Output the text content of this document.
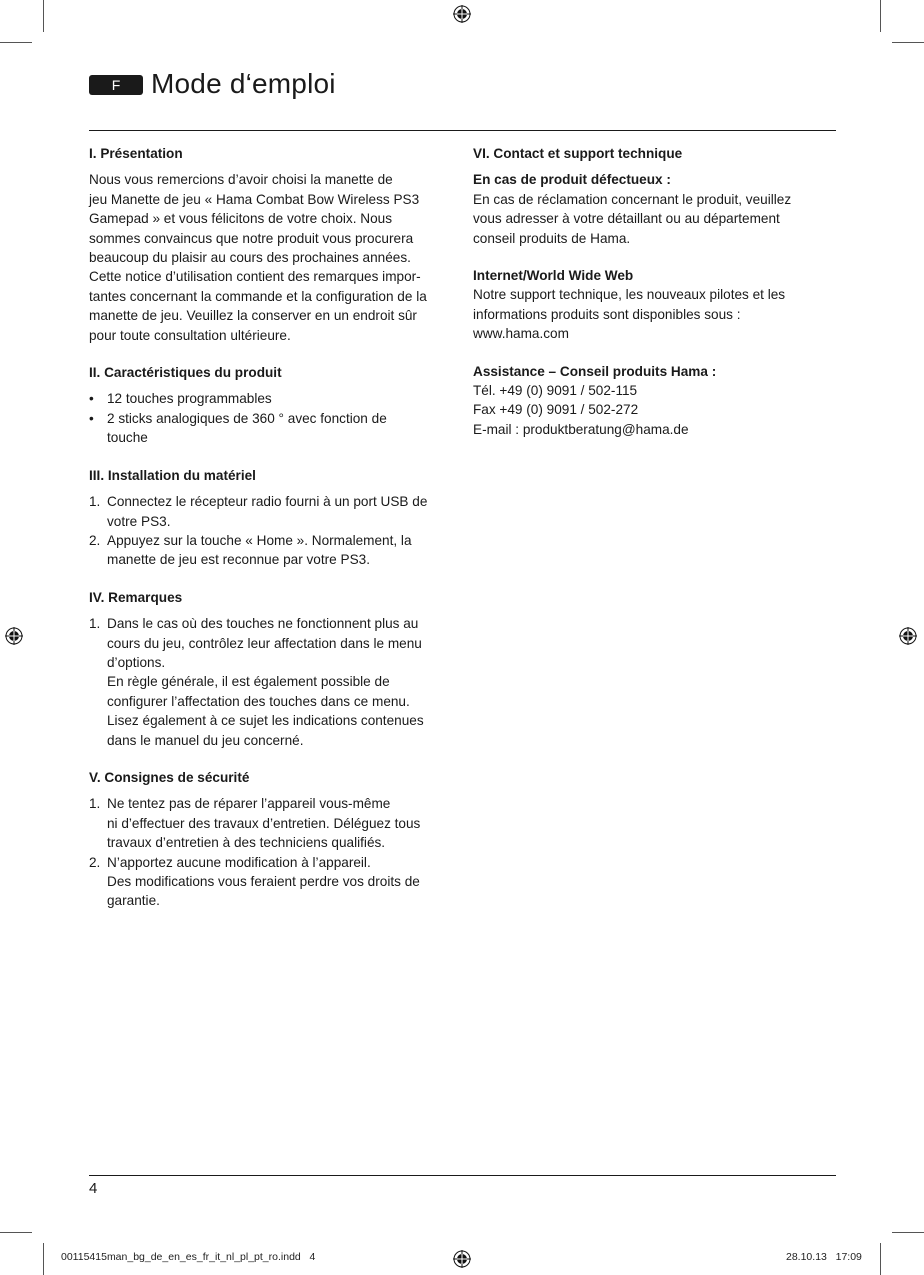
F	Mode d‘emploi
I. Présentation

Nous vous remercions d’avoir choisi la manette de
jeu Manette de jeu « Hama Combat Bow Wireless PS3
Gamepad » et vous félicitons de votre choix. Nous
sommes convaincus que notre produit vous procurera
beaucoup du plaisir au cours des prochaines années.
Cette notice d’utilisation contient des remarques impor-
tantes concernant la commande et la configuration de la
manette de jeu. Veuillez la conserver en un endroit sûr
pour toute consultation ultérieure.

II. Caractéristiques du produit
• 12 touches programmables
• 2 sticks analogiques de 360 ° avec fonction de
touche
III. Installation du matériel
1. Connectez le récepteur radio fourni à un port USB de
votre PS3.
2. Appuyez sur la touche « Home ». Normalement, la
manette de jeu est reconnue par votre PS3.
IV. Remarques
1. Dans le cas où des touches ne fonctionnent plus au
cours du jeu, contrôlez leur affectation dans le menu
d’options.
En règle générale, il est également possible de
configurer l’affectation des touches dans ce menu.
Lisez également à ce sujet les indications contenues
dans le manuel du jeu concerné.
V. Consignes de sécurité
1. Ne tentez pas de réparer l’appareil vous-même
ni d’effectuer des travaux d’entretien. Déléguez tous
travaux d’entretien à des techniciens qualifiés.
2. N’apportez aucune modification à l’appareil.
Des modifications vous feraient perdre vos droits de
garantie.
VI. Contact et support technique
En cas de produit défectueux :

En cas de réclamation concernant le produit, veuillez
vous adresser à votre détaillant ou au département
conseil produits de Hama.

Internet/World Wide Web

Notre support technique, les nouveaux pilotes et les
informations produits sont disponibles sous :
www.hama.com

Assistance – Conseil produits Hama :

Tél. +49 (0) 9091 / 502-115
Fax +49 (0) 9091 / 502-272
E-mail : produktberatung@hama.de

4
00115415man_bg_de_en_es_fr_it_nl_pl_pt_ro.indd   4	28.10.13   17:09
